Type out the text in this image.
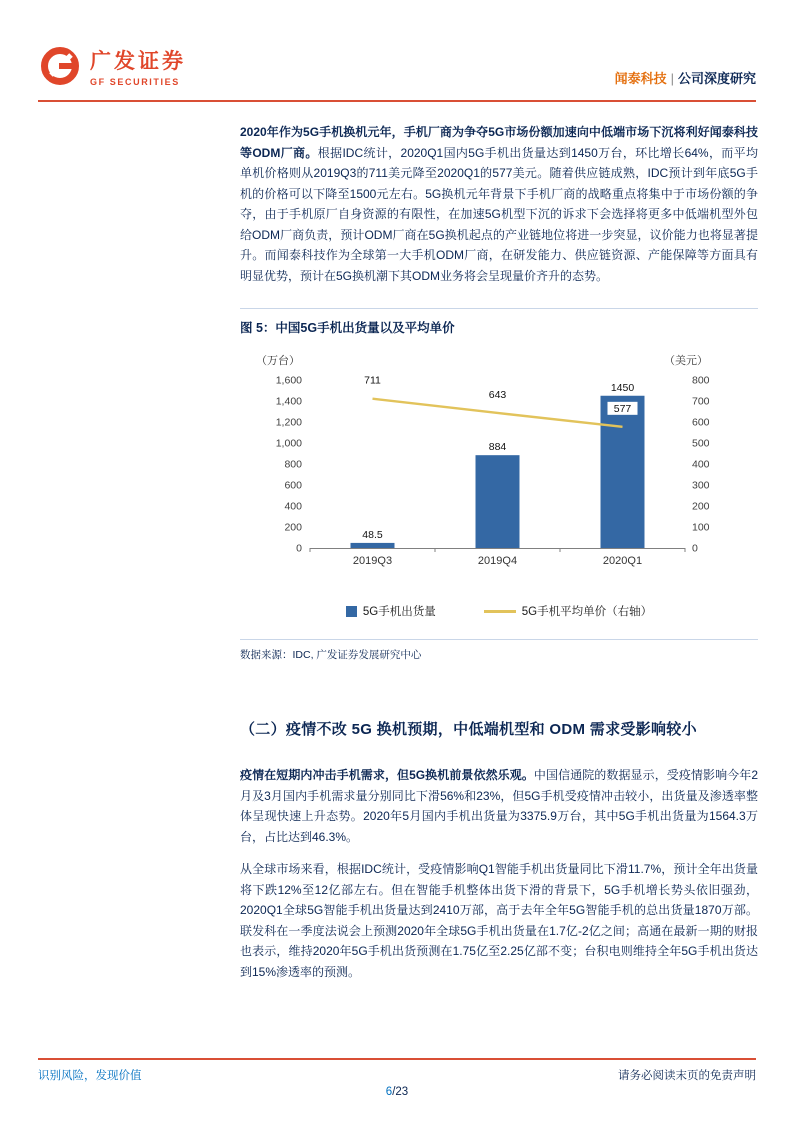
广发证券
GF SECURITIES	闻泰科技 | 公司深度研究

2020年作为5G手机换机元年，手机厂商为争夺5G市场份额加速向中低端市场下沉将利好闻泰科技等ODM厂商。根据IDC统计，2020Q1国内5G手机出货量达到1450万台，环比增长64%，而平均单机价格则从2019Q3的711美元降至2020Q1的577美元。随着供应链成熟，IDC预计到年底5G手机的价格可以下降至1500元左右。5G换机元年背景下手机厂商的战略重点将集中于市场份额的争夺，由于手机原厂自身资源的有限性，在加速5G机型下沉的诉求下会选择将更多中低端机型外包给ODM厂商负责，预计ODM厂商在5G换机起点的产业链地位将进一步突显，议价能力也将显著提升。而闻泰科技作为全球第一大手机ODM厂商，在研发能力、供应链资源、产能保障等方面具有明显优势，预计在5G换机潮下其ODM业务将会呈现量价齐升的态势。

图 5：中国5G手机出货量以及平均单价
（万台）	（美元）
1,600
1,400
1,200
1,000
800
600
400
200
0
800
700
600
500
400
300
200
100
0
2019Q3	2019Q4	2020Q1
48.5
884
1450
711
643
577
5G手机出货量	5G手机平均单价（右轴）
数据来源：IDC, 广发证券发展研究中心
（二）疫情不改 5G 换机预期，中低端机型和 ODM 需求受影响较小

疫情在短期内冲击手机需求，但5G换机前景依然乐观。中国信通院的数据显示，受疫情影响今年2月及3月国内手机需求量分别同比下滑56%和23%，但5G手机受疫情冲击较小，出货量及渗透率整体呈现快速上升态势。2020年5月国内手机出货量为3375.9万台，其中5G手机出货量为1564.3万台，占比达到46.3%。

从全球市场来看，根据IDC统计，受疫情影响Q1智能手机出货量同比下滑11.7%，预计全年出货量将下跌12%至12亿部左右。但在智能手机整体出货下滑的背景下，5G手机增长势头依旧强劲，2020Q1全球5G智能手机出货量达到2410万部，高于去年全年5G智能手机的总出货量1870万部。联发科在一季度法说会上预测2020年全球5G手机出货量在1.7亿-2亿之间；高通在最新一期的财报也表示，维持2020年5G手机出货预测在1.75亿至2.25亿部不变；台积电则维持全年5G手机出货达到15%渗透率的预测。

识别风险，发现价值	请务必阅读末页的免责声明
6/23
